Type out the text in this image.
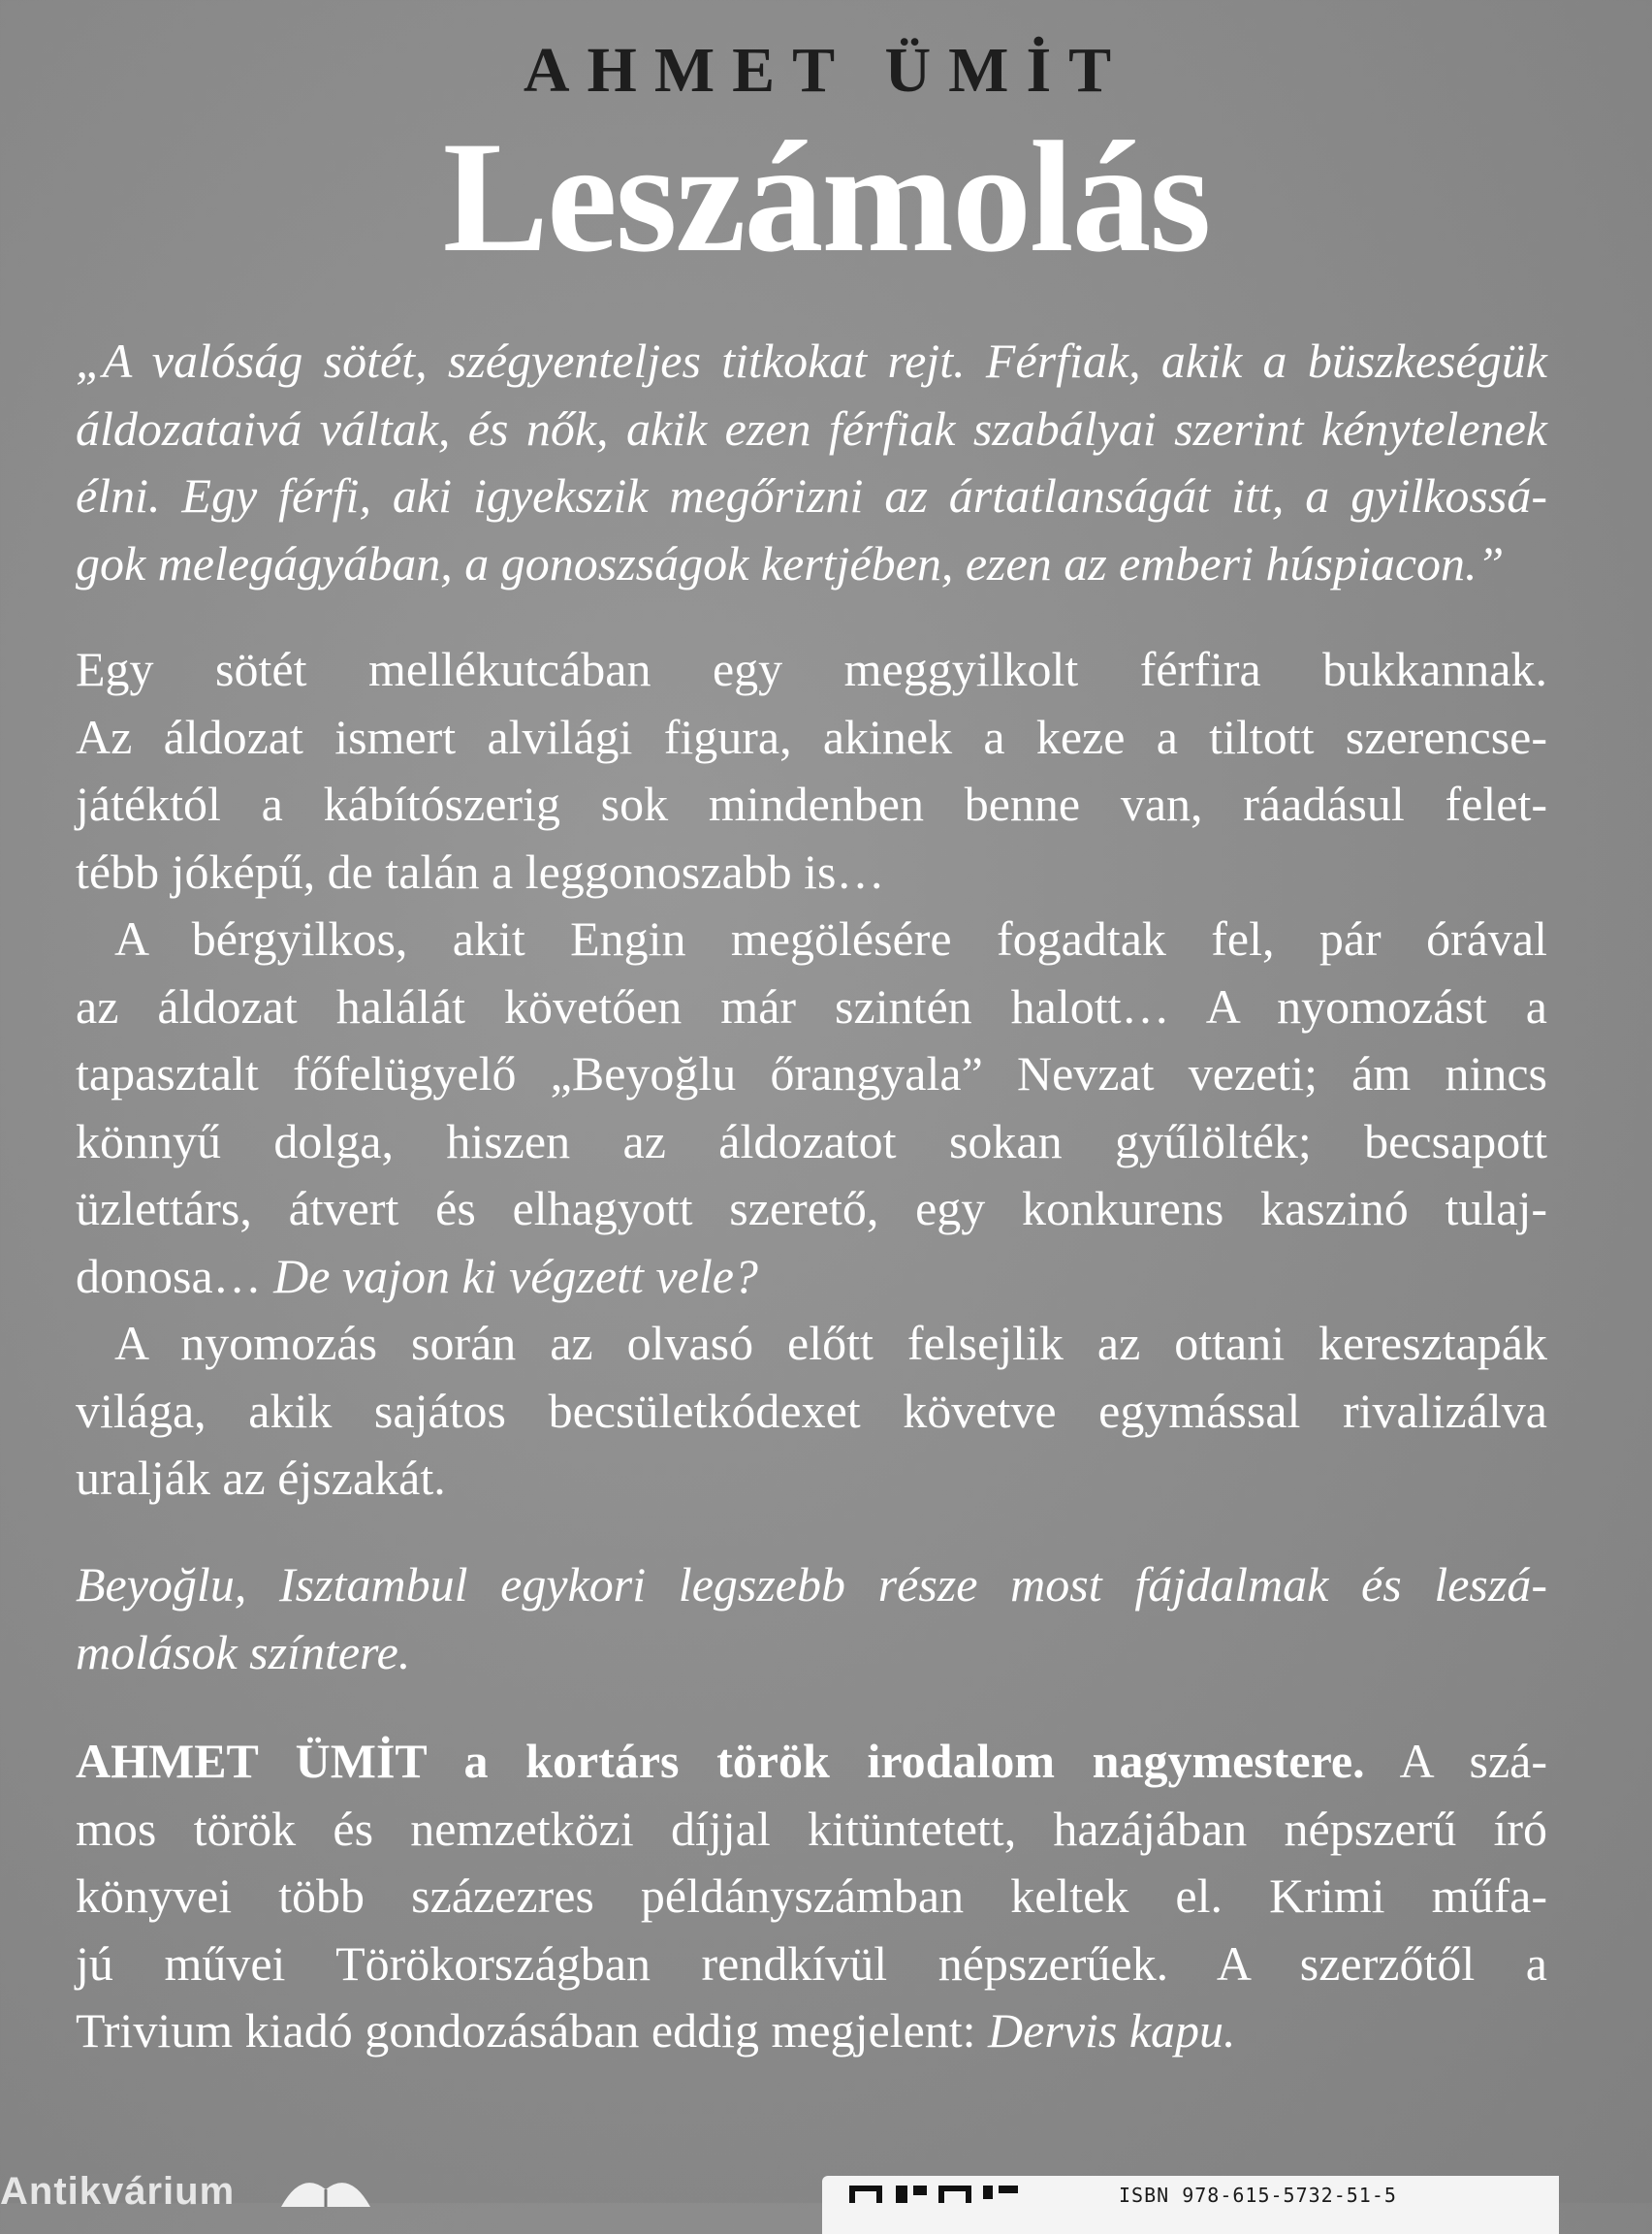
AHMET ÜMİT
Leszámolás
„A valóság sötét, szégyenteljes titkokat rejt. Férfiak, akik a büszkeségük
áldozataivá váltak, és nők, akik ezen férfiak szabályai szerint kénytelenek
élni. Egy férfi, aki igyekszik megőrizni az ártatlanságát itt, a gyilkossá-
gok melegágyában, a gonoszságok kertjében, ezen az emberi húspiacon.”
Egy sötét mellékutcában egy meggyilkolt férfira bukkannak.
Az áldozat ismert alvilági figura, akinek a keze a tiltott szerencse-
játéktól a kábítószerig sok mindenben benne van, ráadásul felet-
tébb jóképű, de talán a leggonoszabb is…
A bérgyilkos, akit Engin megölésére fogadtak fel, pár órával
az áldozat halálát követően már szintén halott… A nyomozást a
tapasztalt főfelügyelő „Beyoğlu őrangyala” Nevzat vezeti; ám nincs
könnyű dolga, hiszen az áldozatot sokan gyűlölték; becsapott
üzlettárs, átvert és elhagyott szerető, egy konkurens kaszinó tulaj-
donosa… De vajon ki végzett vele?
A nyomozás során az olvasó előtt felsejlik az ottani keresztapák
világa, akik sajátos becsületkódexet követve egymással rivalizálva
uralják az éjszakát.
Beyoğlu, Isztambul egykori legszebb része most fájdalmak és leszá-
molások színtere.
AHMET ÜMİT a kortárs török irodalom nagymestere. A szá-
mos török és nemzetközi díjjal kitüntetett, hazájában népszerű író
könyvei több százezres példányszámban keltek el. Krimi műfa-
jú művei Törökországban rendkívül népszerűek. A szerzőtől a
Trivium kiadó gondozásában eddig megjelent: Dervis kapu.
Antikvárium	ISBN 978-615-5732-51-5
